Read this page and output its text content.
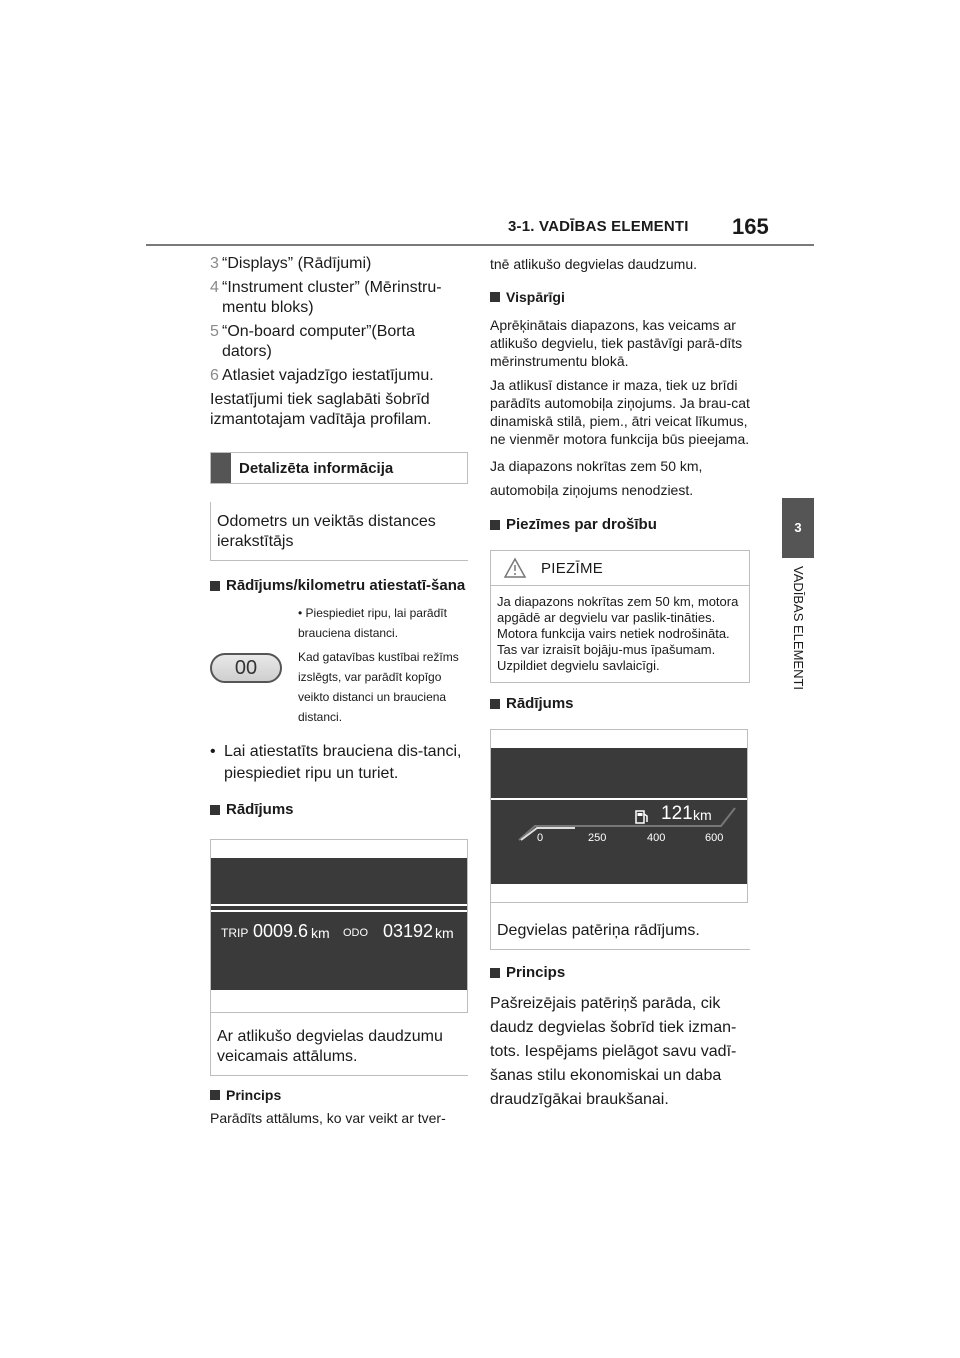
3-1. VADĪBAS ELEMENTI 165
3
VADĪBAS ELEMENTI
3 “Displays” (Rādījumi)
4 “Instrument cluster” (Mērinstru-mentu bloks)
5 “On-board computer”(Borta dators)
6 Atlasiet vajadzīgo iestatījumu.
Iestatījumi tiek saglabāti šobrīd izmantotajam vadītāja profilam.
Detalizēta informācija
Odometrs un veiktās distances ierakstītājs
Rādījums/kilometru atiestatī-šana
00
• Piespiediet ripu, lai parādīt brauciena distanci.
Kad gatavības kustībai režīms izslēgts, var parādīt kopīgo veikto distanci un brauciena distanci.
• Lai atiestatīts brauciena dis-tanci, piespiediet ripu un turiet.
Rādījums
TRIP 0009.6 km ODO 03192 km
Ar atlikušo degvielas daudzumu veicamais attālums.
Princips
Parādīts attālums, ko var veikt ar tver-
tnē atlikušo degvielas daudzumu.
Vispārīgi
Aprēķinātais diapazons, kas veicams ar atlikušo degvielu, tiek pastāvīgi parā-dīts mērinstrumentu blokā.
Ja atlikusī distance ir maza, tiek uz brīdi parādīts automobiļa ziņojums. Ja brau-cat dinamiskā stilā, piem., ātri veicat līkumus, ne vienmēr motora funkcija būs pieejama.
Ja diapazons nokrītas zem 50 km,
automobiļa ziņojums nenodziest.
Piezīmes par drošību
PIEZĪME
Ja diapazons nokrītas zem 50 km, motora apgādē ar degvielu var paslik-tināties. Motora funkcija vairs netiek nodrošināta. Tas var izraisīt bojāju-mus īpašumam. Uzpildiet degvielu savlaicīgi.
Rādījums
121 km
0	250	400	600
Degvielas patēriņa rādījums.
Princips
Pašreizējais patēriņš parāda, cik daudz degvielas šobrīd tiek izman-tots. Iespējams pielāgot savu vadī-šanas stilu ekonomiskai un daba draudzīgākai braukšanai.
